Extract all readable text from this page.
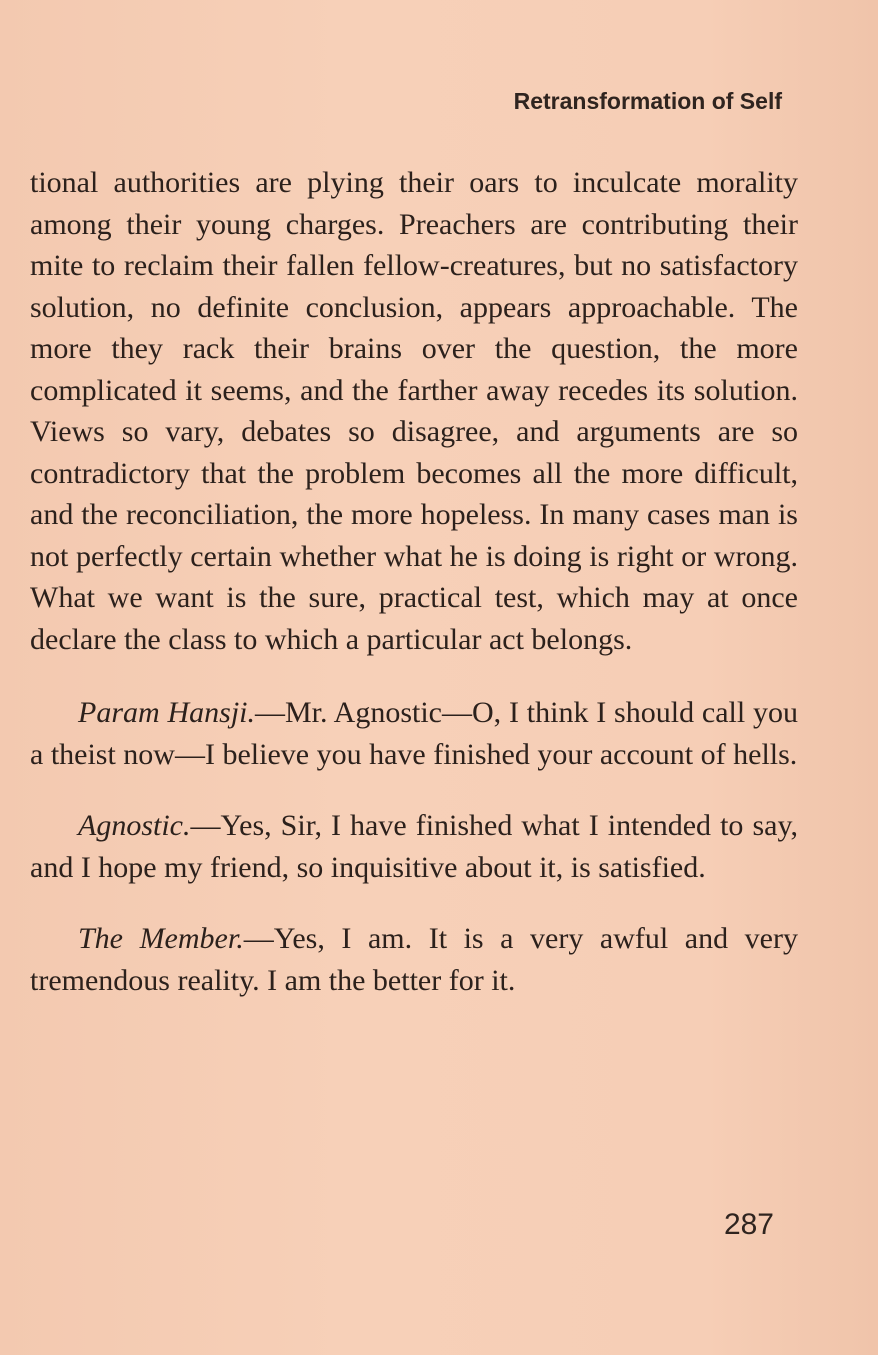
Retransformation of Self

tional authorities are plying their oars to inculcate morality among their young charges. Preachers are contributing their mite to reclaim their fallen fellow-creatures, but no satisfactory solution, no definite conclusion, appears approachable. The more they rack their brains over the question, the more complicated it seems, and the farther away recedes its solution. Views so vary, debates so disagree, and arguments are so contradictory that the problem becomes all the more difficult, and the reconciliation, the more hopeless. In many cases man is not perfectly certain whether what he is doing is right or wrong. What we want is the sure, practical test, which may at once declare the class to which a particular act belongs.

Param Hansji.—Mr. Agnostic—O, I think I should call you a theist now—I believe you have finished your account of hells.

Agnostic.—Yes, Sir, I have finished what I intended to say, and I hope my friend, so inquisitive about it, is satisfied.

The Member.—Yes, I am. It is a very awful and very tremendous reality. I am the better for it.

287
